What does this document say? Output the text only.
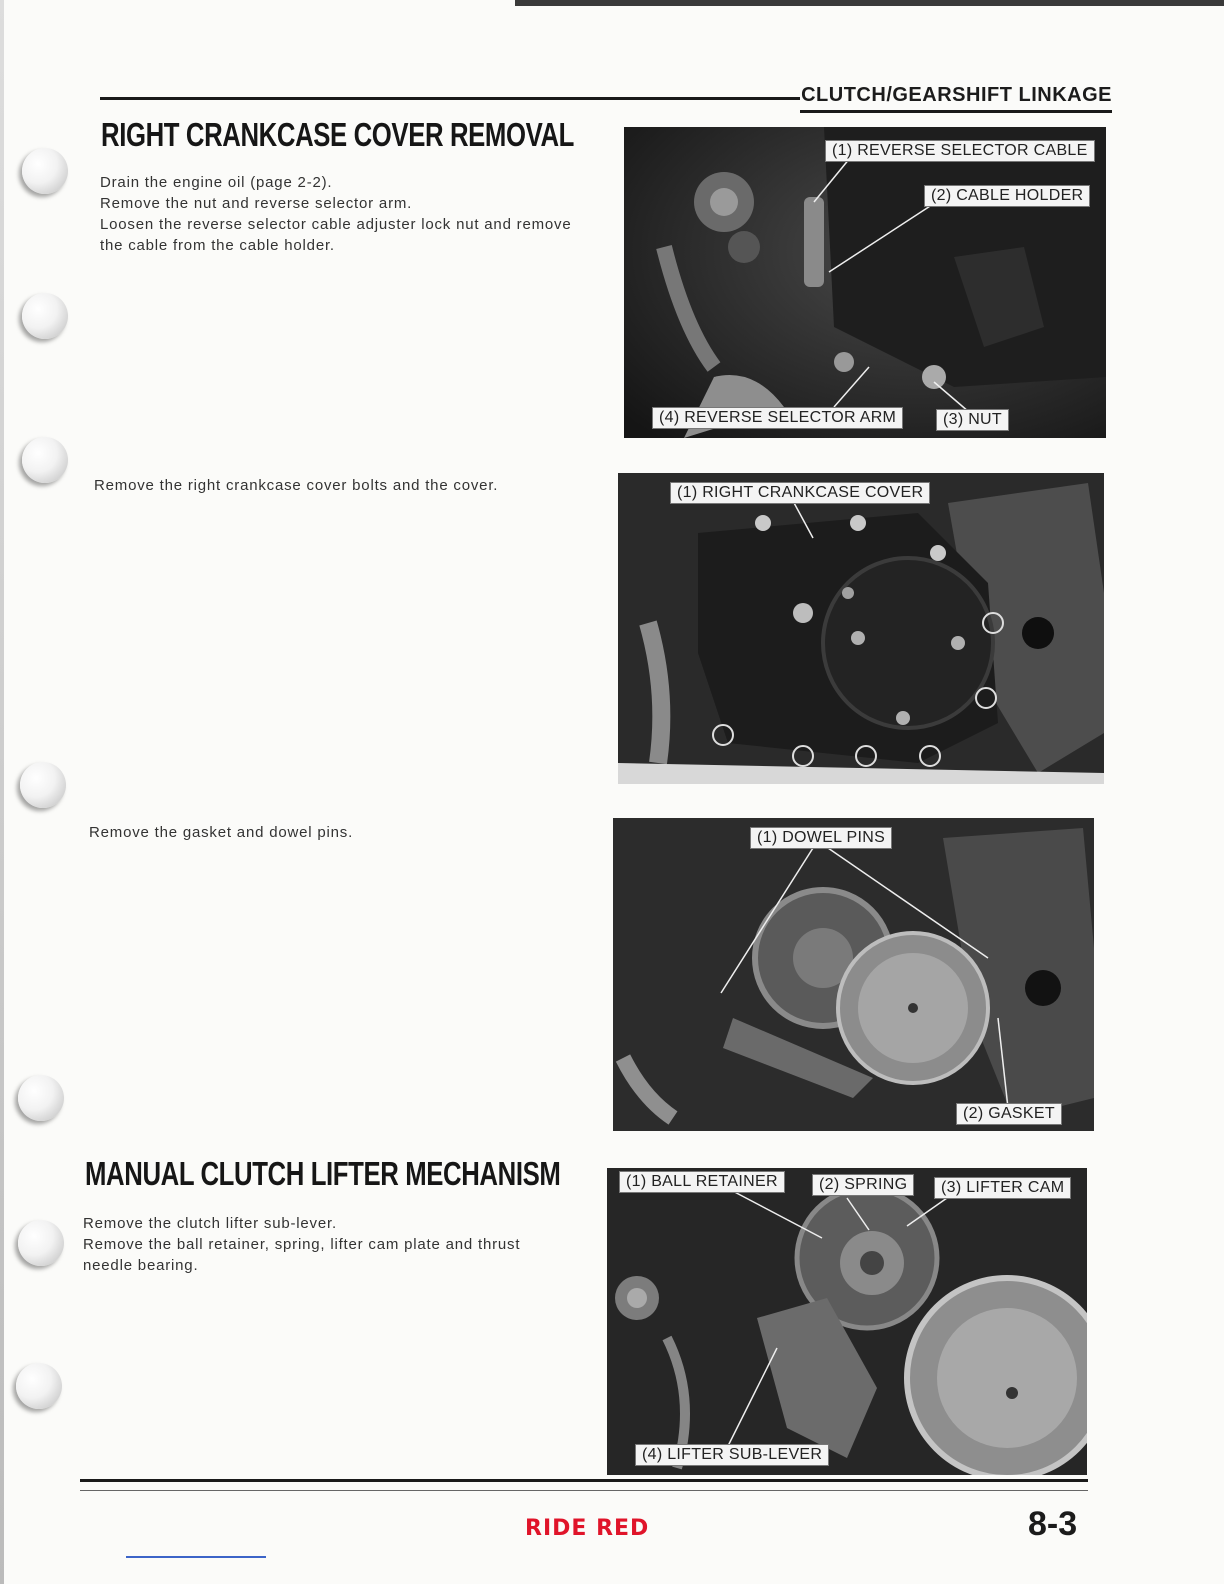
CLUTCH/GEARSHIFT LINKAGE
RIGHT CRANKCASE COVER REMOVAL
Drain the engine oil (page 2-2).
Remove the nut and reverse selector arm.
Loosen the reverse selector cable adjuster lock nut and remove
the cable from the cable holder.
(1) REVERSE SELECTOR CABLE
(2) CABLE HOLDER
(3) NUT
(4) REVERSE SELECTOR ARM
Remove the right crankcase cover bolts and the cover.	(1) RIGHT CRANKCASE COVER
Remove the gasket and dowel pins.	(1) DOWEL PINS
(2) GASKET
MANUAL CLUTCH LIFTER MECHANISM
Remove the clutch lifter sub-lever.
Remove the ball retainer, spring, lifter cam plate and thrust
needle bearing.
(1) BALL RETAINER	(2) SPRING	(3) LIFTER CAM
(4) LIFTER SUB-LEVER
RIDE RED	8-3
